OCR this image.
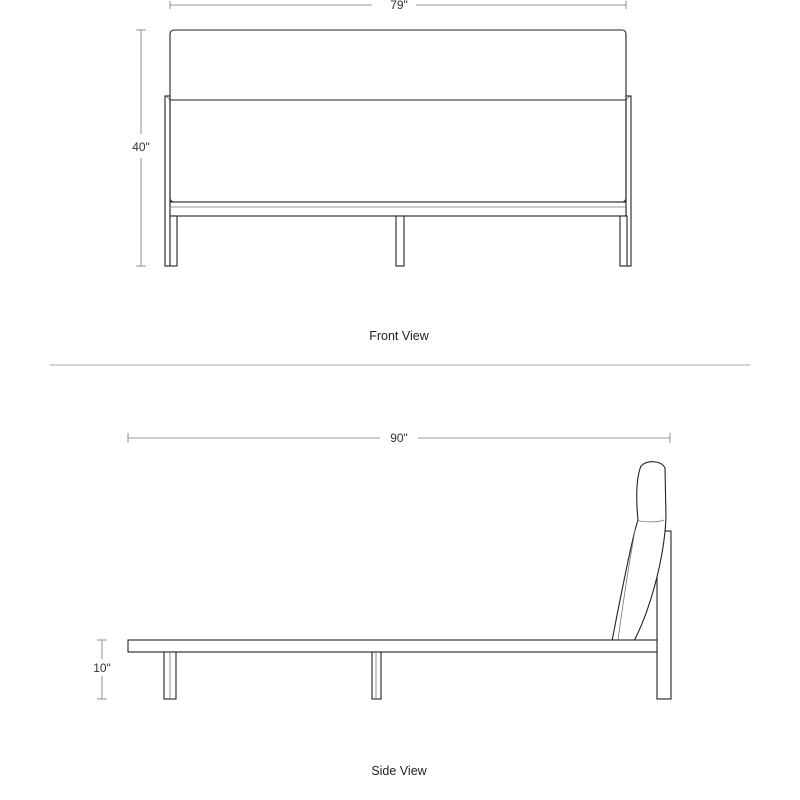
79"
40"
Front View
90"
10"
Side View
